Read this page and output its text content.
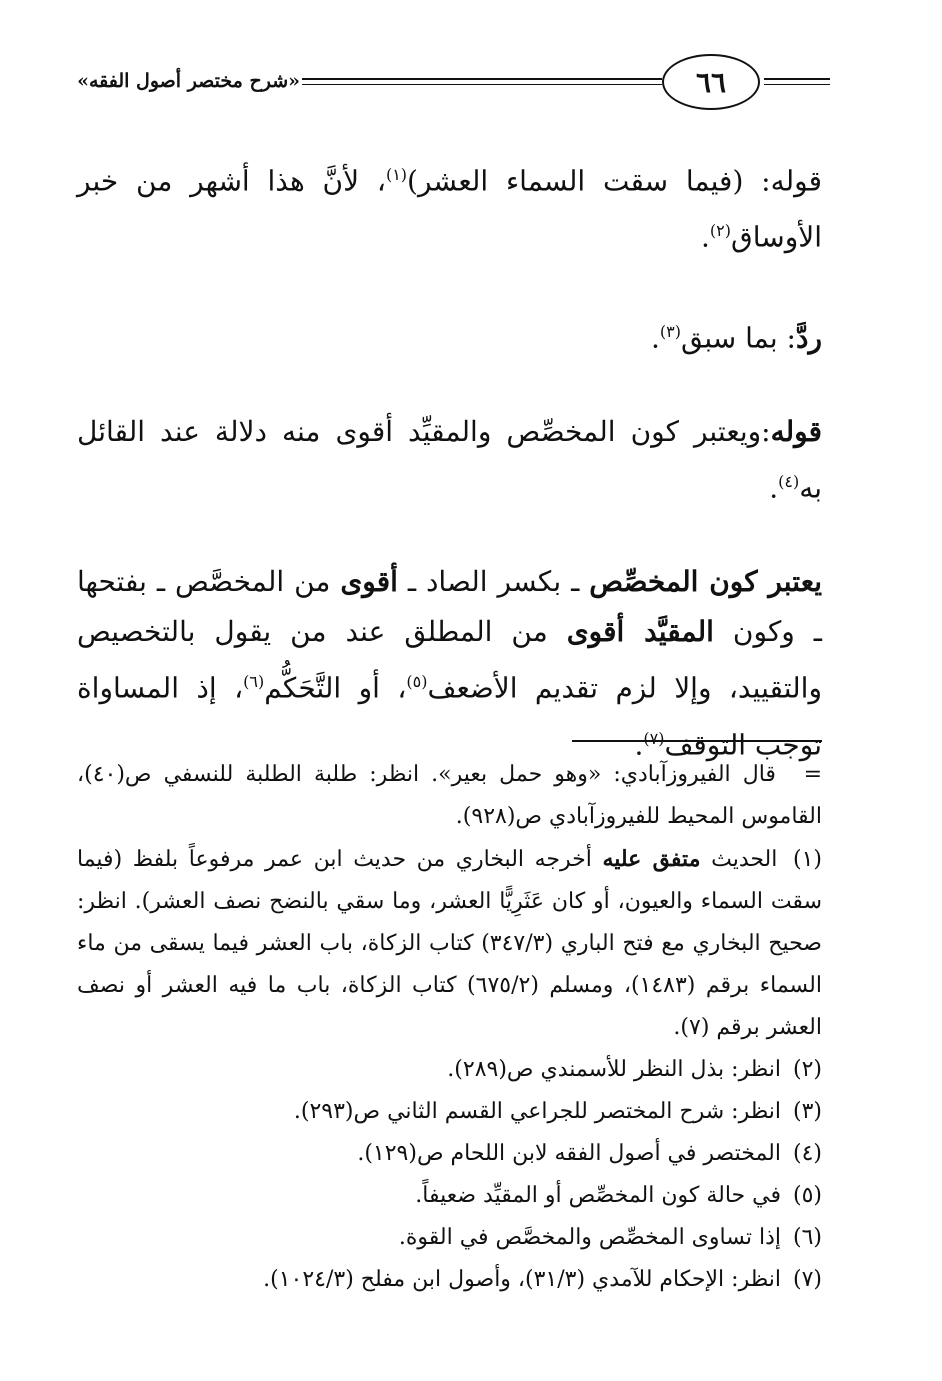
٦٦
«شرح مختصر أصول الفقه»

قوله: (فيما سقت السماء العشر)$^{(١)}$، لأنَّ هذا أشهر من خبر الأوساق$^{(٢)}$.

ردَّ: بما سبق$^{(٣)}$.

قوله:ويعتبر كون المخصِّص والمقيِّد أقوى منه دلالة عند القائل به$^{(٤)}$.

يعتبر كون المخصِّص ـ بكسر الصاد ـ أقوى من المخصَّص ـ بفتحها ـ وكون المقيَّد أقوى من المطلق عند من يقول بالتخصيص والتقييد، وإلا لزم تقديم الأضعف$^{(٥)}$، أو التَّحَكُّم$^{(٦)}$، إذ المساواة توجب التوقف$^{(٧)}$.

= قال الفيروزآبادي: «وهو حمل بعير». انظر: طلبة الطلبة للنسفي ص(٤٠)، القاموس المحيط للفيروزآبادي ص(٩٢٨).

(١) الحديث متفق عليه أخرجه البخاري من حديث ابن عمر مرفوعاً بلفظ (فيما سقت السماء والعيون، أو كان عَثَرِيًّا العشر، وما سقي بالنضح نصف العشر). انظر: صحيح البخاري مع فتح الباري (٣٤٧/٣) كتاب الزكاة، باب العشر فيما يسقى من ماء السماء برقم (١٤٨٣)، ومسلم (٦٧٥/٢) كتاب الزكاة، باب ما فيه العشر أو نصف العشر برقم (٧).

(٢) انظر: بذل النظر للأسمندي ص(٢٨٩).

(٣) انظر: شرح المختصر للجراعي القسم الثاني ص(٢٩٣).

(٤) المختصر في أصول الفقه لابن اللحام ص(١٢٩).

(٥) في حالة كون المخصِّص أو المقيِّد ضعيفاً.

(٦) إذا تساوى المخصِّص والمخصَّص في القوة.

(٧) انظر: الإحكام للآمدي (٣١/٣)، وأصول ابن مفلح (١٠٢٤/٣).
